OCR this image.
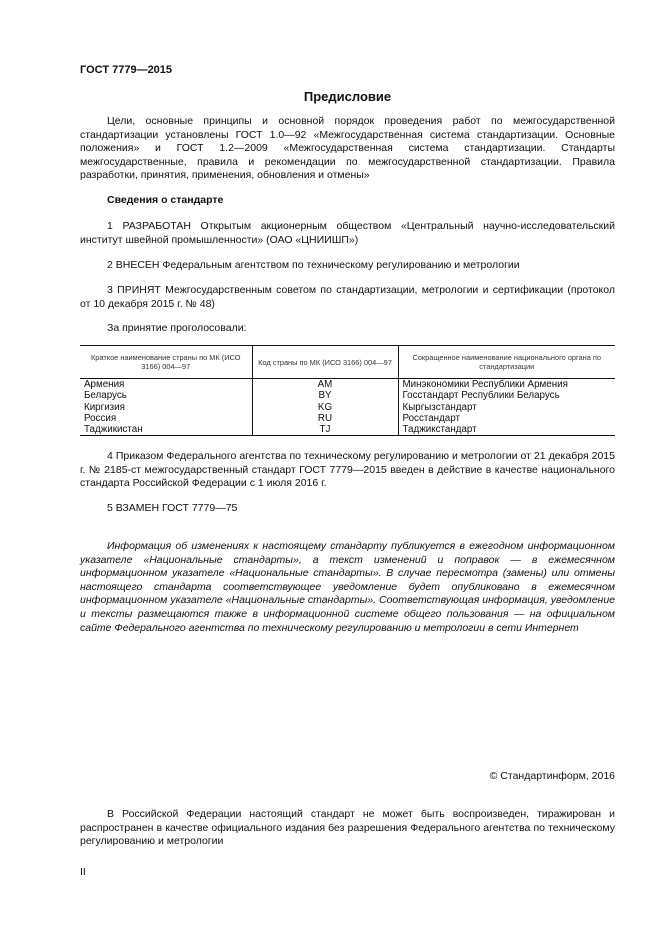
ГОСТ 7779—2015
Предисловие
Цели, основные принципы и основной порядок проведения работ по межгосударственной стандартизации установлены ГОСТ 1.0—92 «Межгосударственная система стандартизации. Основные положения» и ГОСТ 1.2—2009 «Межгосударственная система стандартизации. Стандарты межгосударственные, правила и рекомендации по межгосударственной стандартизации. Правила разработки, принятия, применения, обновления и отмены»
Сведения о стандарте
1 РАЗРАБОТАН Открытым акционерным обществом «Центральный научно-исследовательский институт швейной промышленности» (ОАО «ЦНИИШП»)
2 ВНЕСЕН Федеральным агентством по техническому регулированию и метрологии
3 ПРИНЯТ Межгосударственным советом по стандартизации, метрологии и сертификации (протокол от 10 декабря 2015 г. № 48)
За принятие проголосовали:
Краткое наименование страны по МК (ИСО 3166) 004—97	Код страны по МК (ИСО 3166) 004—97	Сокращенное наименование национального органа по стандартизации
Армения	AM	Минэкономики Республики Армения
Беларусь	BY	Госстандарт Республики Беларусь
Киргизия	KG	Кыргызстандарт
Россия	RU	Росстандарт
Таджикистан	TJ	Таджикстандарт
4 Приказом Федерального агентства по техническому регулированию и метрологии от 21 декабря 2015 г. № 2185-ст межгосударственный стандарт ГОСТ 7779—2015 введен в действие в качестве национального стандарта Российской Федерации с 1 июля 2016 г.
5 ВЗАМЕН ГОСТ 7779—75
Информация об изменениях к настоящему стандарту публикуется в ежегодном информационном указателе «Национальные стандарты», а текст изменений и поправок — в ежемесячном информационном указателе «Национальные стандарты». В случае пересмотра (замены) или отмены настоящего стандарта соответствующее уведомление будет опубликовано в ежемесячном информационном указателе «Национальные стандарты». Соответствующая информация, уведомление и тексты размещаются также в информационной системе общего пользования — на официальном сайте Федерального агентства по техническому регулированию и метрологии в сети Интернет
© Стандартинформ, 2016
В Российской Федерации настоящий стандарт не может быть воспроизведен, тиражирован и распространен в качестве официального издания без разрешения Федерального агентства по техническому регулированию и метрологии
II
